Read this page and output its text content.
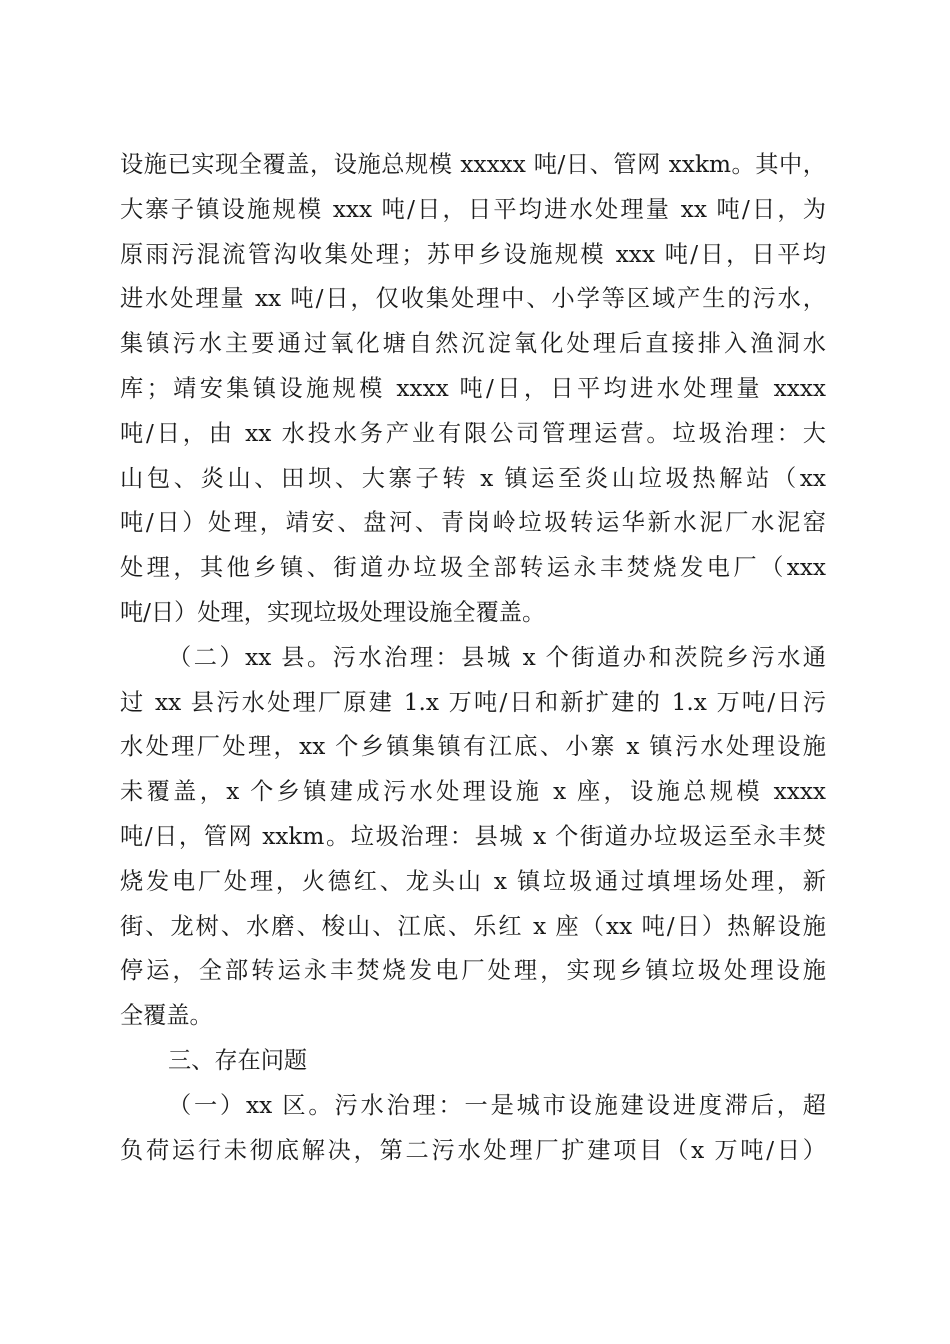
设施已实现全覆盖，设施总规模 xxxxx 吨/日、管网 xxkm。其中，
大寨子镇设施规模 xxx 吨/日，日平均进水处理量 xx 吨/日，为
原雨污混流管沟收集处理；苏甲乡设施规模 xxx 吨/日，日平均
进水处理量 xx 吨/日，仅收集处理中、小学等区域产生的污水，
集镇污水主要通过氧化塘自然沉淀氧化处理后直接排入渔洞水
库；靖安集镇设施规模 xxxx 吨/日，日平均进水处理量 xxxx
吨/日，由 xx 水投水务产业有限公司管理运营。垃圾治理：大
山包、炎山、田坝、大寨子转 x 镇运至炎山垃圾热解站（xx
吨/日）处理，靖安、盘河、青岗岭垃圾转运华新水泥厂水泥窑
处理，其他乡镇、街道办垃圾全部转运永丰焚烧发电厂（xxx
吨/日）处理，实现垃圾处理设施全覆盖。
（二）xx 县。污水治理：县城 x 个街道办和茨院乡污水通
过 xx 县污水处理厂原建 1.x 万吨/日和新扩建的 1.x 万吨/日污
水处理厂处理，xx 个乡镇集镇有江底、小寨 x 镇污水处理设施
未覆盖，x 个乡镇建成污水处理设施 x 座，设施总规模 xxxx
吨/日，管网 xxkm。垃圾治理：县城 x 个街道办垃圾运至永丰焚
烧发电厂处理，火德红、龙头山 x 镇垃圾通过填埋场处理，新
街、龙树、水磨、梭山、江底、乐红 x 座（xx 吨/日）热解设施
停运，全部转运永丰焚烧发电厂处理，实现乡镇垃圾处理设施
全覆盖。
三、存在问题
（一）xx 区。污水治理：一是城市设施建设进度滞后，超
负荷运行未彻底解决，第二污水处理厂扩建项目（x 万吨/日）
